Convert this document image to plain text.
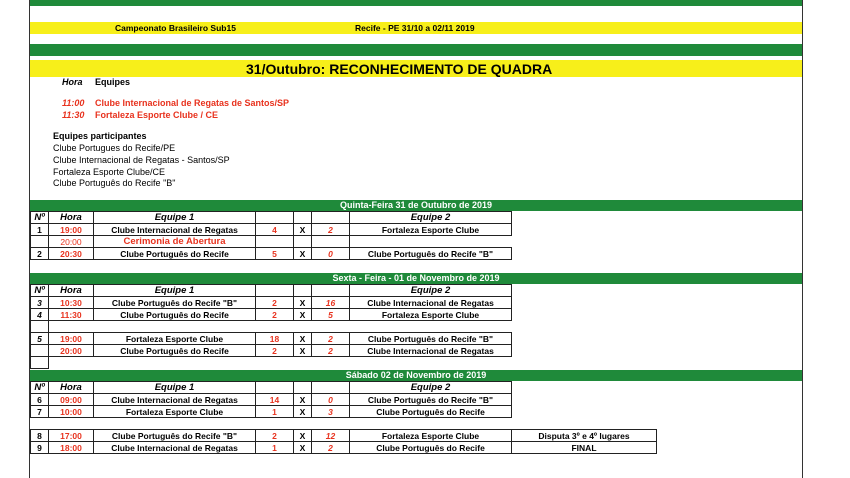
Campeonato Brasileiro Sub15	Recife - PE 31/10 a 02/11 2019
31/Outubro: RECONHECIMENTO DE QUADRA
Hora Equipes
11:00 Clube Internacional de Regatas de Santos/SP
11:30 Fortaleza Esporte Clube / CE
Equipes participantes
Clube Portugues do Recife/PE
Clube Internacional de Regatas - Santos/SP
Fortaleza Esporte Clube/CE
Clube Português do Recife "B"
Quinta-Feira 31 de Outubro de 2019
Nº	Hora	Equipe 1				Equipe 2
1	19:00	Clube Internacional de Regatas	4	X	2	Fortaleza Esporte Clube
	20:00	Cerimonia de Abertura				
2	20:30	Clube Português do Recife	5	X	0	Clube Português do Recife "B"
Sexta - Feira - 01 de Novembro de 2019
Nº	Hora	Equipe 1				Equipe 2
3	10:30	Clube Português do Recife "B"	2	X	16	Clube Internacional de Regatas
4	11:30	Clube Português do Recife	2	X	5	Fortaleza Esporte Clube

5	19:00	Fortaleza Esporte Clube	18	X	2	Clube Português do Recife "B"
	20:00	Clube Português do Recife	2	X	2	Clube Internacional de Regatas

Sábado 02 de Novembro de 2019
Nº	Hora	Equipe 1				Equipe 2	
6	09:00	Clube Internacional de Regatas	14	X	0	Clube Português do Recife "B"	
7	10:00	Fortaleza Esporte Clube	1	X	3	Clube Português do Recife	

8	17:00	Clube Português do Recife "B"	2	X	12	Fortaleza Esporte Clube	Disputa 3º e 4º lugares
9	18:00	Clube Internacional de Regatas	1	X	2	Clube Português do Recife	FINAL
